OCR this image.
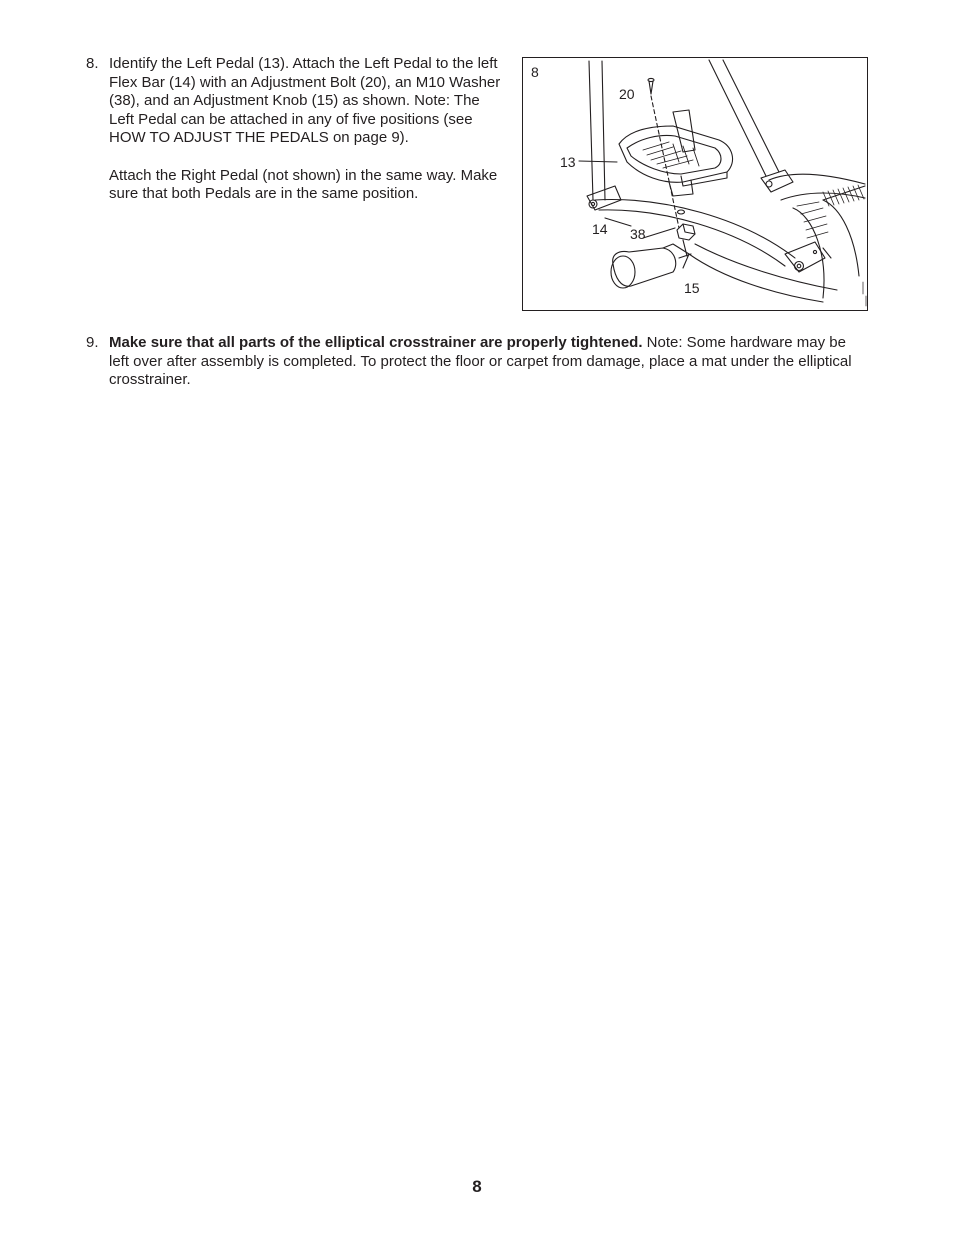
8. Identify the Left Pedal (13). Attach the Left Pedal to the left Flex Bar (14) with an Adjustment Bolt (20), an M10 Washer (38), and an Adjustment Knob (15) as shown. Note: The Left Pedal can be attached in any of five positions (see HOW TO ADJUST THE PEDALS on page 9).

Attach the Right Pedal (not shown) in the same way. Make sure that both Pedals are in the same position.

8
20
13
14 38
15
9. Make sure that all parts of the elliptical crosstrainer are properly tightened. Note: Some hardware may be left over after assembly is completed. To protect the floor or carpet from damage, place a mat under the elliptical crosstrainer.
8
